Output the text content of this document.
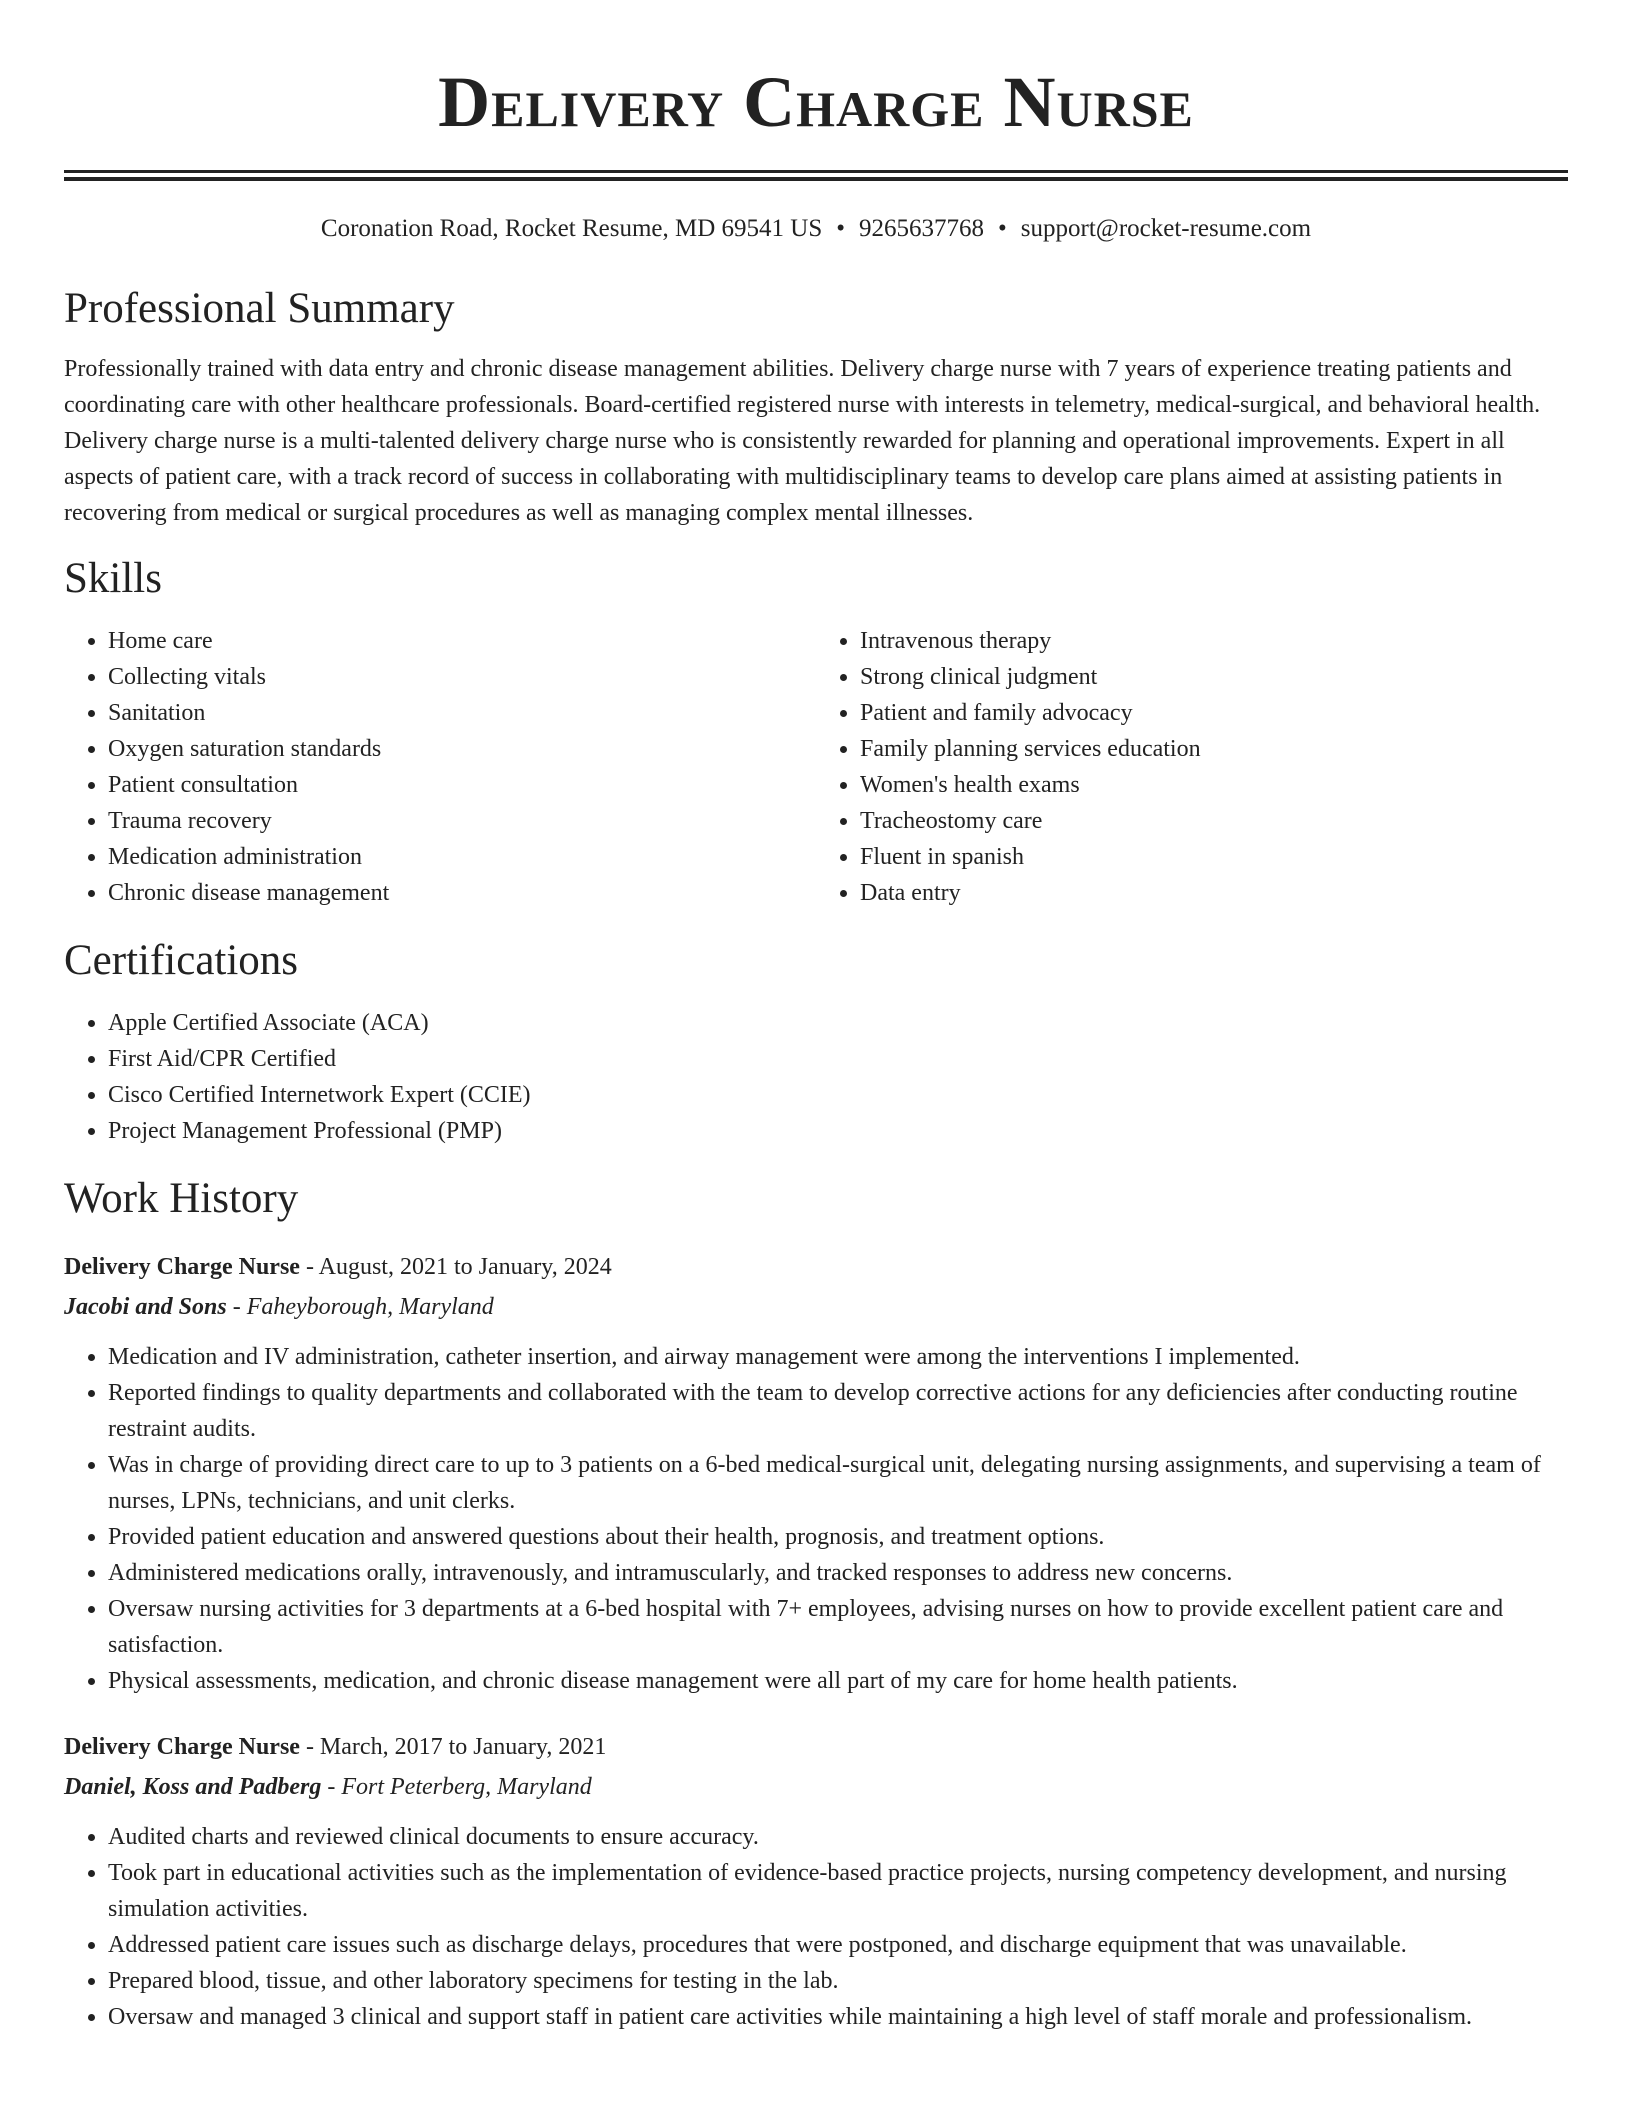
Delivery Charge Nurse
Coronation Road, Rocket Resume, MD 69541 US • 9265637768 • support@rocket-resume.com
Professional Summary
Professionally trained with data entry and chronic disease management abilities. Delivery charge nurse with 7 years of experience treating patients and coordinating care with other healthcare professionals. Board-certified registered nurse with interests in telemetry, medical-surgical, and behavioral health. Delivery charge nurse is a multi-talented delivery charge nurse who is consistently rewarded for planning and operational improvements. Expert in all aspects of patient care, with a track record of success in collaborating with multidisciplinary teams to develop care plans aimed at assisting patients in recovering from medical or surgical procedures as well as managing complex mental illnesses.
Skills
• Home care
• Collecting vitals
• Sanitation
• Oxygen saturation standards
• Patient consultation
• Trauma recovery
• Medication administration
• Chronic disease management
• Intravenous therapy
• Strong clinical judgment
• Patient and family advocacy
• Family planning services education
• Women's health exams
• Tracheostomy care
• Fluent in spanish
• Data entry
Certifications
• Apple Certified Associate (ACA)
• First Aid/CPR Certified
• Cisco Certified Internetwork Expert (CCIE)
• Project Management Professional (PMP)
Work History
Delivery Charge Nurse - August, 2021 to January, 2024
Jacobi and Sons - Faheyborough, Maryland
• Medication and IV administration, catheter insertion, and airway management were among the interventions I implemented.
• Reported findings to quality departments and collaborated with the team to develop corrective actions for any deficiencies after conducting routine restraint audits.
• Was in charge of providing direct care to up to 3 patients on a 6-bed medical-surgical unit, delegating nursing assignments, and supervising a team of nurses, LPNs, technicians, and unit clerks.
• Provided patient education and answered questions about their health, prognosis, and treatment options.
• Administered medications orally, intravenously, and intramuscularly, and tracked responses to address new concerns.
• Oversaw nursing activities for 3 departments at a 6-bed hospital with 7+ employees, advising nurses on how to provide excellent patient care and satisfaction.
• Physical assessments, medication, and chronic disease management were all part of my care for home health patients.
Delivery Charge Nurse - March, 2017 to January, 2021
Daniel, Koss and Padberg - Fort Peterberg, Maryland
• Audited charts and reviewed clinical documents to ensure accuracy.
• Took part in educational activities such as the implementation of evidence-based practice projects, nursing competency development, and nursing simulation activities.
• Addressed patient care issues such as discharge delays, procedures that were postponed, and discharge equipment that was unavailable.
• Prepared blood, tissue, and other laboratory specimens for testing in the lab.
• Oversaw and managed 3 clinical and support staff in patient care activities while maintaining a high level of staff morale and professionalism.
